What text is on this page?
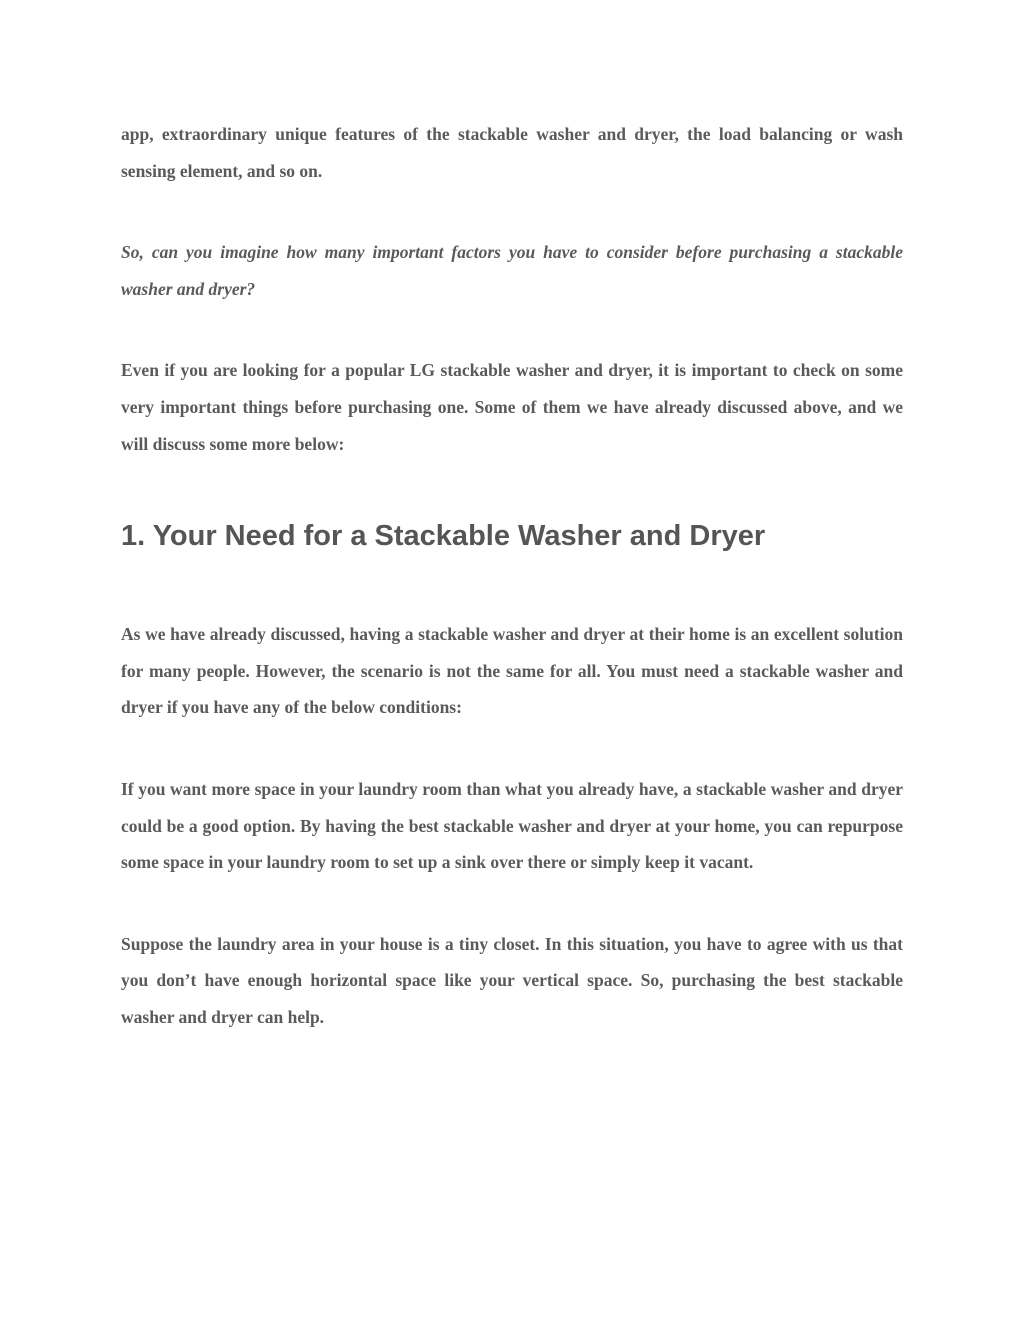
app, extraordinary unique features of the stackable washer and dryer, the load balancing or wash sensing element, and so on.

So, can you imagine how many important factors you have to consider before purchasing a stackable washer and dryer?

Even if you are looking for a popular LG stackable washer and dryer, it is important to check on some very important things before purchasing one. Some of them we have already discussed above, and we will discuss some more below:

1. Your Need for a Stackable Washer and Dryer

As we have already discussed, having a stackable washer and dryer at their home is an excellent solution for many people. However, the scenario is not the same for all. You must need a stackable washer and dryer if you have any of the below conditions:

If you want more space in your laundry room than what you already have, a stackable washer and dryer could be a good option. By having the best stackable washer and dryer at your home, you can repurpose some space in your laundry room to set up a sink over there or simply keep it vacant.

Suppose the laundry area in your house is a tiny closet. In this situation, you have to agree with us that you don’t have enough horizontal space like your vertical space. So, purchasing the best stackable washer and dryer can help.
